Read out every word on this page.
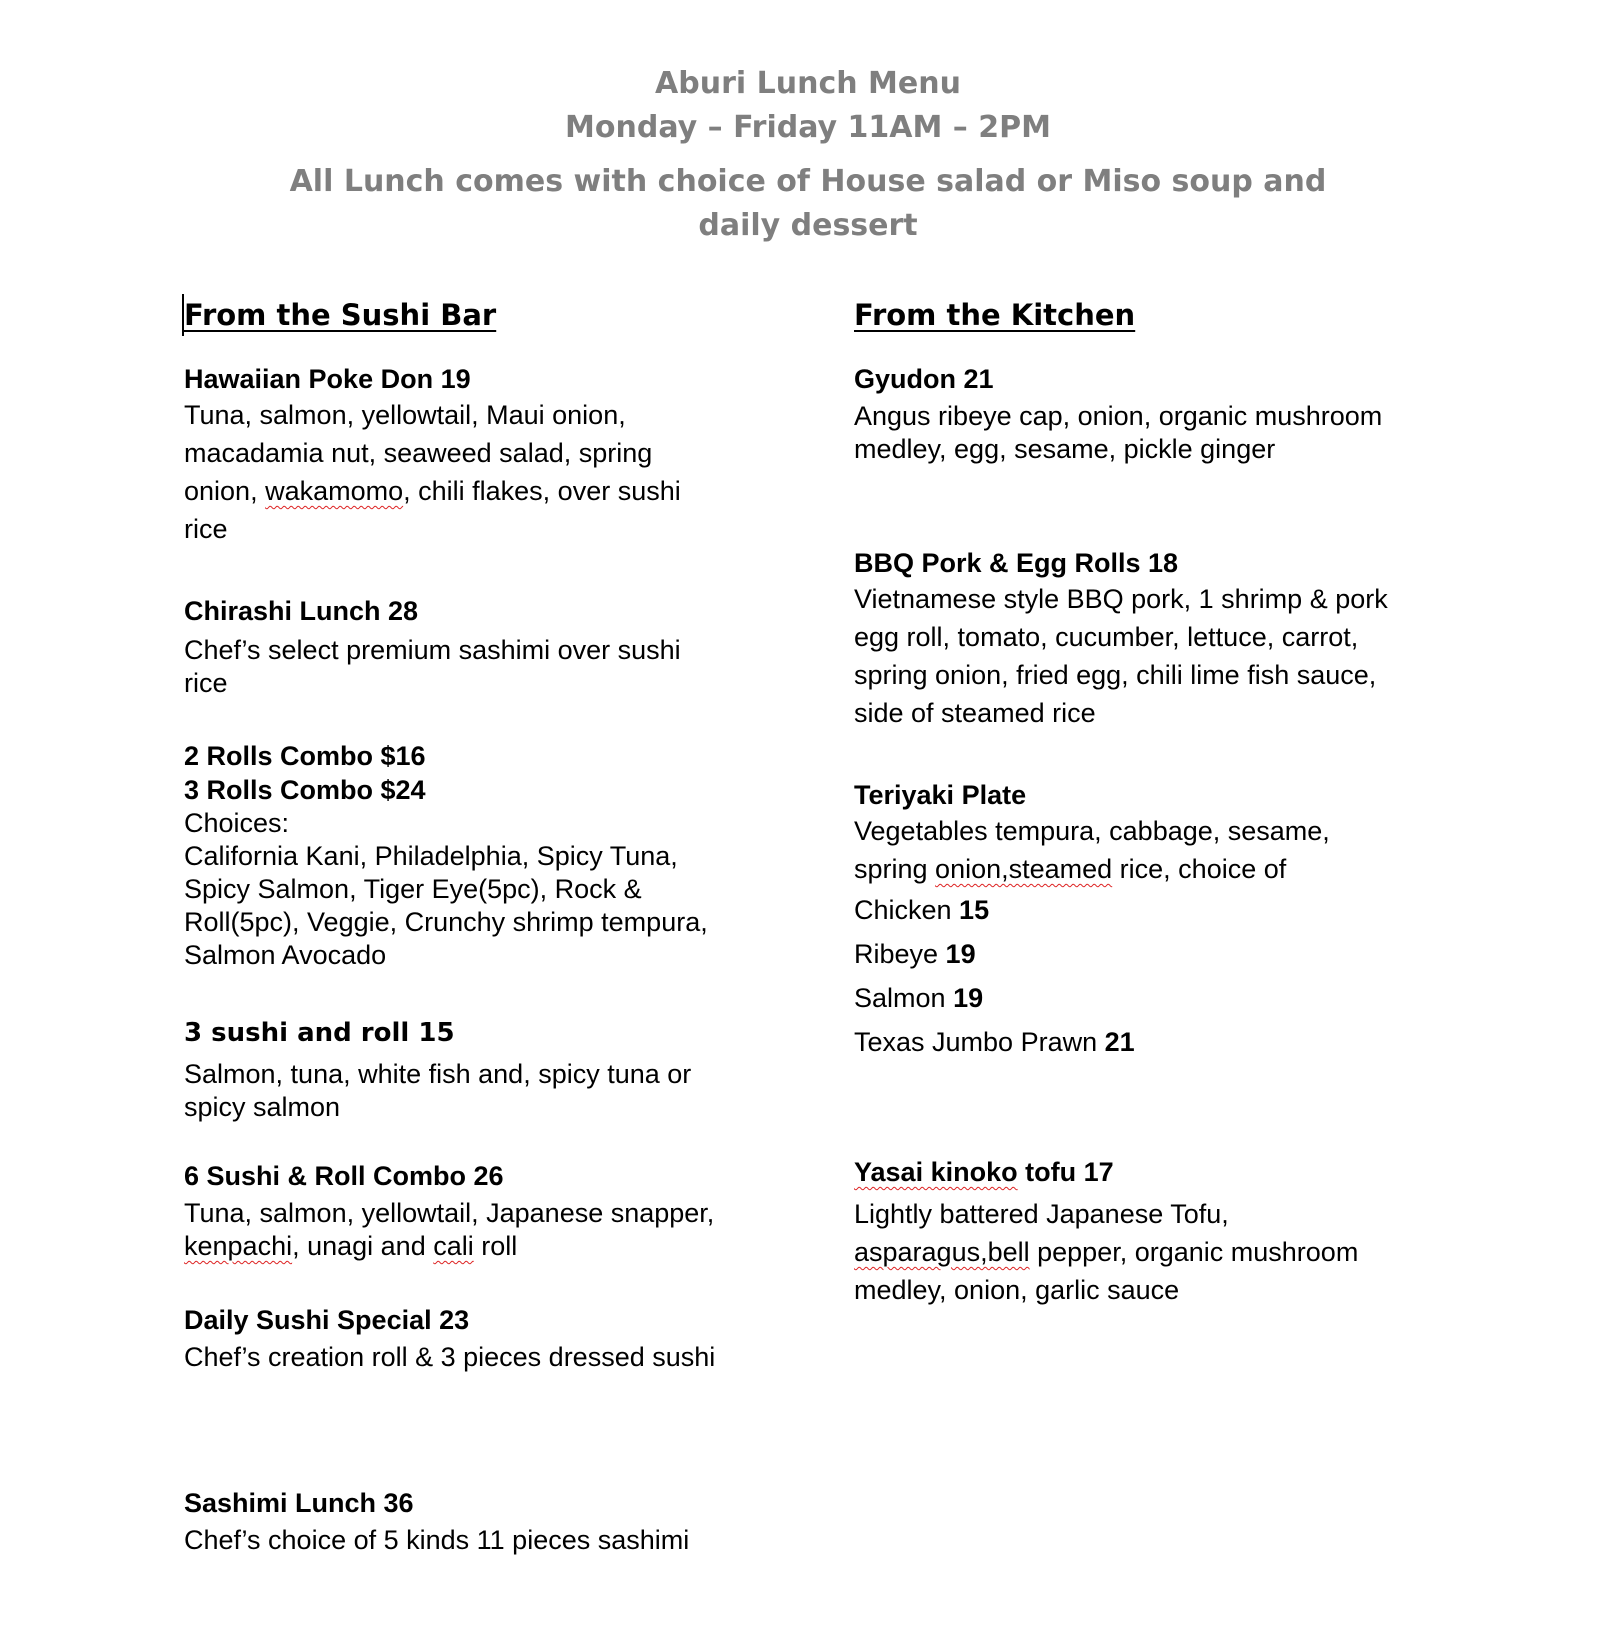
Aburi Lunch Menu
Monday – Friday 11AM – 2PM
All Lunch comes with choice of House salad or Miso soup and daily dessert
From the Sushi Bar
Hawaiian Poke Don 19
Tuna, salmon, yellowtail, Maui onion, macadamia nut, seaweed salad, spring onion, wakamomo, chili flakes, over sushi rice
Chirashi Lunch 28
Chef’s select premium sashimi over sushi rice
2 Rolls Combo $16
3 Rolls Combo $24
Choices:
California Kani, Philadelphia, Spicy Tuna, Spicy Salmon, Tiger Eye(5pc), Rock & Roll(5pc), Veggie, Crunchy shrimp tempura, Salmon Avocado
3 sushi and roll 15
Salmon, tuna, white fish and, spicy tuna or spicy salmon
6 Sushi & Roll Combo 26
Tuna, salmon, yellowtail, Japanese snapper, kenpachi, unagi and cali roll
Daily Sushi Special 23
Chef’s creation roll & 3 pieces dressed sushi
Sashimi Lunch 36
Chef’s choice of 5 kinds 11 pieces sashimi
From the Kitchen
Gyudon 21
Angus ribeye cap, onion, organic mushroom medley, egg, sesame, pickle ginger
BBQ Pork & Egg Rolls 18
Vietnamese style BBQ pork, 1 shrimp & pork egg roll, tomato, cucumber, lettuce, carrot, spring onion, fried egg, chili lime fish sauce, side of steamed rice
Teriyaki Plate
Vegetables tempura, cabbage, sesame, spring onion,steamed rice, choice of
Chicken 15
Ribeye 19
Salmon 19
Texas Jumbo Prawn 21
Yasai kinoko tofu 17
Lightly battered Japanese Tofu, asparagus,bell pepper, organic mushroom medley, onion, garlic sauce
